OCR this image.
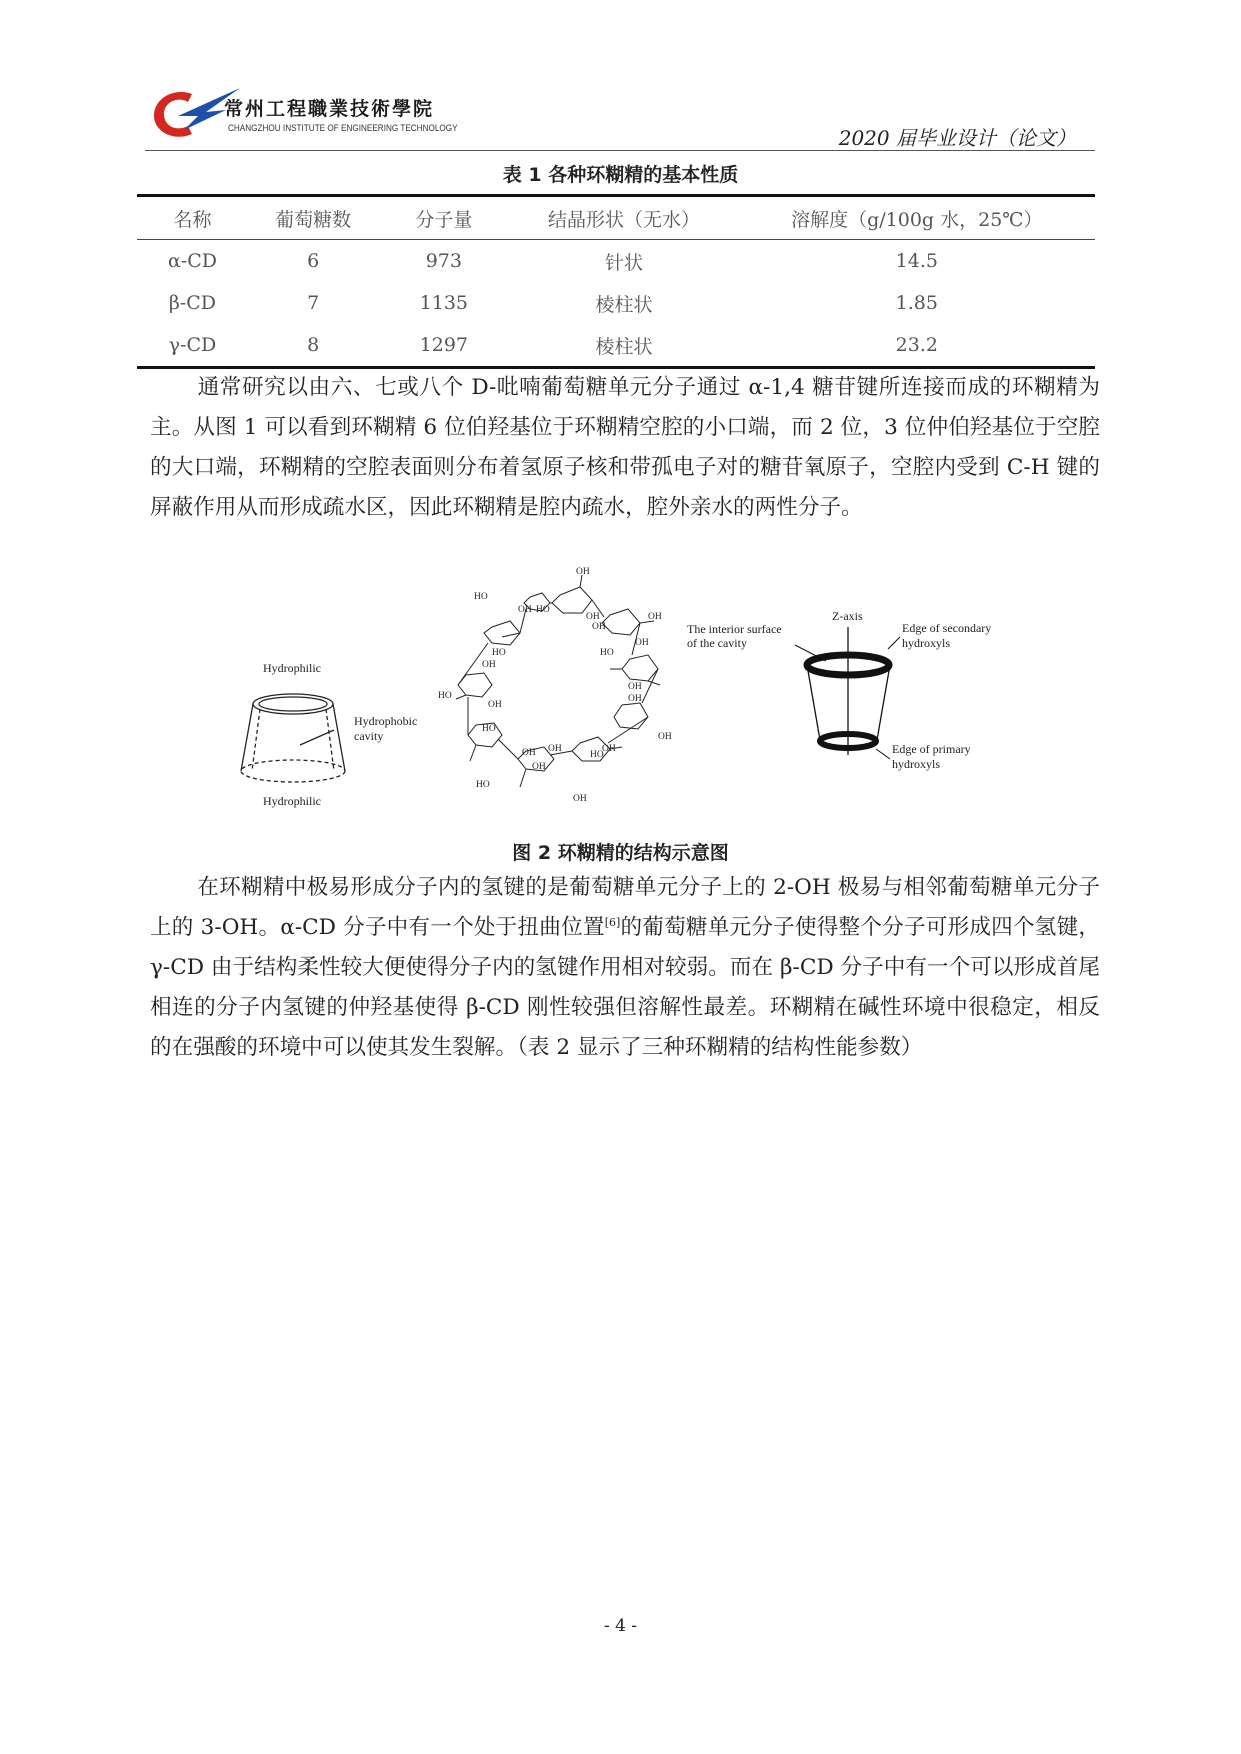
常州工程職業技術學院
CHANGZHOU INSTITUTE OF ENGINEERING TECHNOLOGY	2020 届毕业设计（论文）
表 1 各种环糊精的基本性质
名称	葡萄糖数	分子量	结晶形状（无水）	溶解度（g/100g 水，25℃）
α-CD	6	973	针状	14.5
β-CD	7	1135	棱柱状	1.85
γ-CD	8	1297	棱柱状	23.2
通常研究以由六、七或八个 D-吡喃葡萄糖单元分子通过 α-1,4 糖苷键所连接而成的环糊精为主。从图 1 可以看到环糊精 6 位伯羟基位于环糊精空腔的小口端，而 2 位，3 位仲伯羟基位于空腔的大口端，环糊精的空腔表面则分布着氢原子核和带孤电子对的糖苷氧原子，空腔内受到 C-H 键的屏蔽作用从而形成疏水区，因此环糊精是腔内疏水，腔外亲水的两性分子。
Hydrophilic
Hydrophilic
Hydrophobic
cavity
OH
HO
OH HO
OH
OH
OH
HO
OH
HO
OH
OH
HO
OH
OH
HO
OH
OH	OH
HO
OH
HO
OH
OH
The interior surface
of the cavity
Z-axis
Edge of secondary
hydroxyls
Edge of primary
hydroxyls
图 2 环糊精的结构示意图
在环糊精中极易形成分子内的氢键的是葡萄糖单元分子上的 2-OH 极易与相邻葡萄糖单元分子上的 3-OH。α-CD 分子中有一个处于扭曲位置[6]的葡萄糖单元分子使得整个分子可形成四个氢键，γ-CD 由于结构柔性较大便使得分子内的氢键作用相对较弱。而在 β-CD 分子中有一个可以形成首尾相连的分子内氢键的仲羟基使得 β-CD 刚性较强但溶解性最差。环糊精在碱性环境中很稳定，相反的在强酸的环境中可以使其发生裂解。（表 2 显示了三种环糊精的结构性能参数）
- 4 -
